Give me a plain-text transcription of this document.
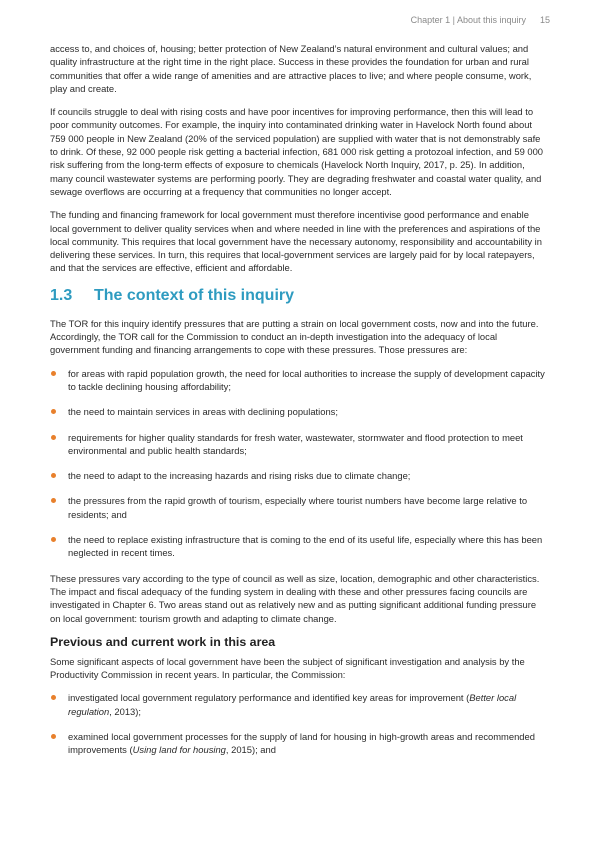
Chapter 1 | About this inquiry 15

access to, and choices of, housing; better protection of New Zealand’s natural environment and cultural values; and quality infrastructure at the right time in the right place. Success in these provides the foundation for urban and rural communities that offer a wide range of amenities and are attractive places to live; and where people consume, work, play and create.

If councils struggle to deal with rising costs and have poor incentives for improving performance, then this will lead to poor community outcomes. For example, the inquiry into contaminated drinking water in Havelock North found about 759 000 people in New Zealand (20% of the serviced population) are supplied with water that is not demonstrably safe to drink. Of these, 92 000 people risk getting a bacterial infection, 681 000 risk getting a protozoal infection, and 59 000 risk suffering from the long-term effects of exposure to chemicals (Havelock North Inquiry, 2017, p. 25). In addition, many council wastewater systems are performing poorly. They are degrading freshwater and coastal water quality, and sewage overflows are occurring at a frequency that communities no longer accept.

The funding and financing framework for local government must therefore incentivise good performance and enable local government to deliver quality services when and where needed in line with the preferences and aspirations of the local community. This requires that local government have the necessary autonomy, responsibility and accountability in delivering these services. In turn, this requires that local-government services are largely paid for by local ratepayers, and that the services are effective, efficient and affordable.

1.3	The context of this inquiry

The TOR for this inquiry identify pressures that are putting a strain on local government costs, now and into the future. Accordingly, the TOR call for the Commission to conduct an in-depth investigation into the adequacy of local government funding and financing arrangements to cope with these pressures. Those pressures are:

for areas with rapid population growth, the need for local authorities to increase the supply of development capacity to tackle declining housing affordability;
the need to maintain services in areas with declining populations;
requirements for higher quality standards for fresh water, wastewater, stormwater and flood protection to meet environmental and public health standards;
the need to adapt to the increasing hazards and rising risks due to climate change;
the pressures from the rapid growth of tourism, especially where tourist numbers have become large relative to residents; and
the need to replace existing infrastructure that is coming to the end of its useful life, especially where this has been neglected in recent times.

These pressures vary according to the type of council as well as size, location, demographic and other characteristics. The impact and fiscal adequacy of the funding system in dealing with these and other pressures facing councils are investigated in Chapter 6. Two areas stand out as relatively new and as putting significant additional funding pressure on local government: tourism growth and adapting to climate change.

Previous and current work in this area

Some significant aspects of local government have been the subject of significant investigation and analysis by the Productivity Commission in recent years. In particular, the Commission:

investigated local government regulatory performance and identified key areas for improvement (Better local regulation, 2013);
examined local government processes for the supply of land for housing in high-growth areas and recommended improvements (Using land for housing, 2015); and
